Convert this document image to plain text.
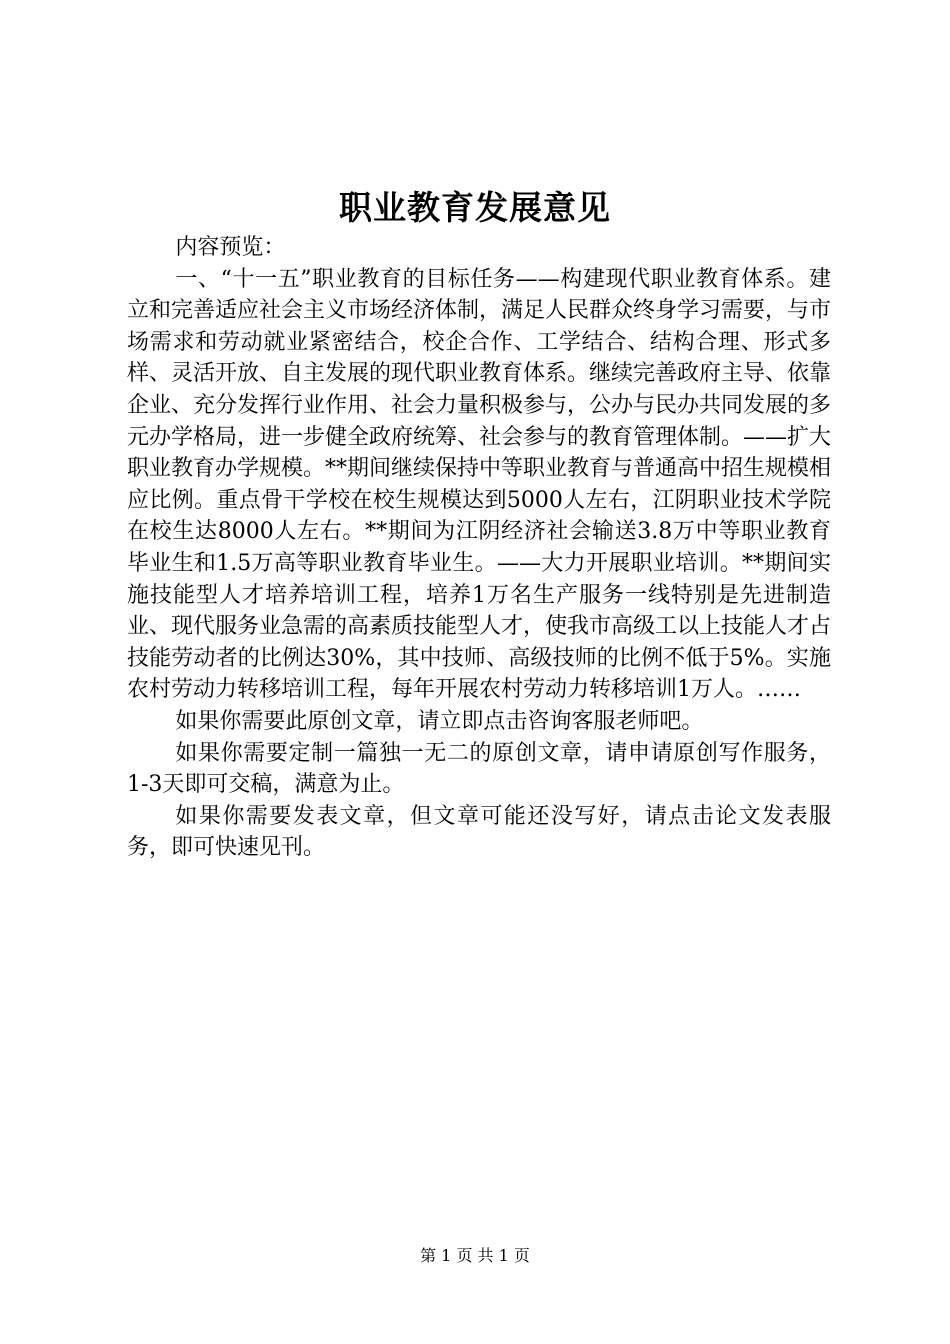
职业教育发展意见

内容预览：

一、“十一五”职业教育的目标任务——构建现代职业教育体系。建立和完善适应社会主义市场经济体制，满足人民群众终身学习需要，与市场需求和劳动就业紧密结合，校企合作、工学结合、结构合理、形式多样、灵活开放、自主发展的现代职业教育体系。继续完善政府主导、依靠企业、充分发挥行业作用、社会力量积极参与，公办与民办共同发展的多元办学格局，进一步健全政府统筹、社会参与的教育管理体制。——扩大职业教育办学规模。**期间继续保持中等职业教育与普通高中招生规模相应比例。重点骨干学校在校生规模达到5000人左右，江阴职业技术学院在校生达8000人左右。**期间为江阴经济社会输送3.8万中等职业教育毕业生和1.5万高等职业教育毕业生。——大力开展职业培训。**期间实施技能型人才培养培训工程，培养1万名生产服务一线特别是先进制造业、现代服务业急需的高素质技能型人才，使我市高级工以上技能人才占技能劳动者的比例达30%，其中技师、高级技师的比例不低于5%。实施农村劳动力转移培训工程，每年开展农村劳动力转移培训1万人。……

如果你需要此原创文章，请立即点击咨询客服老师吧。

如果你需要定制一篇独一无二的原创文章，请申请原创写作服务，1-3天即可交稿，满意为止。

如果你需要发表文章，但文章可能还没写好，请点击论文发表服务，即可快速见刊。

第 1 页 共 1 页
